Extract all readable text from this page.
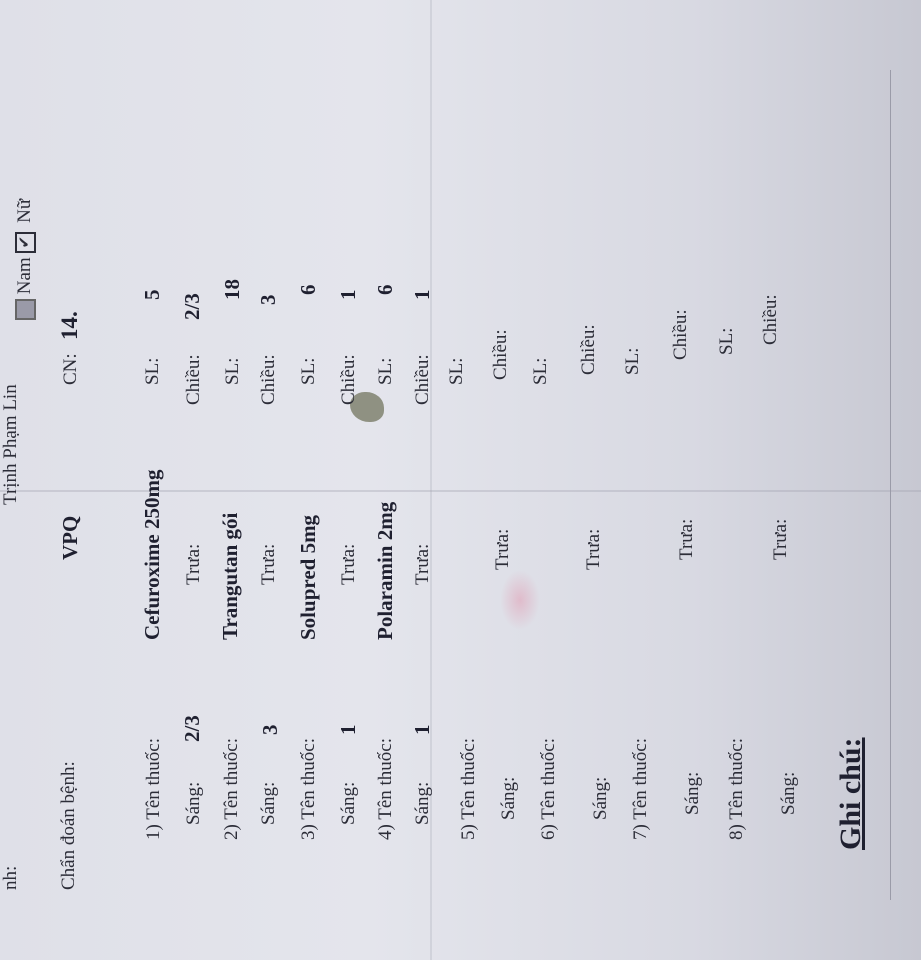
nh:
Trịnh Phạm Lin
Nam ✔ Nữ
Chẩn đoán bệnh:
VPQ
CN:
14.
1) Tên thuốc:
Cefuroxime 250mg
SL:
5
Sáng:
2/3
Trưa:
Chiều:
2/3
2) Tên thuốc:
Trangutan gói
SL:
18
Sáng:
3
Trưa:
Chiều:
3
3) Tên thuốc:
Solupred 5mg
SL:
6
Sáng:
1
Trưa:
Chiều:
1
4) Tên thuốc:
Polaramin 2mg
SL:
6
Sáng:
1
Trưa:
Chiều:
1
5) Tên thuốc:
SL:
Sáng:
Trưa:
Chiều:
6) Tên thuốc:
SL:
Sáng:
Trưa:
Chiều:
7) Tên thuốc:
SL:
Sáng:
Trưa:
Chiều:
8) Tên thuốc:
SL:
Sáng:
Trưa:
Chiều:
Ghi chú:
